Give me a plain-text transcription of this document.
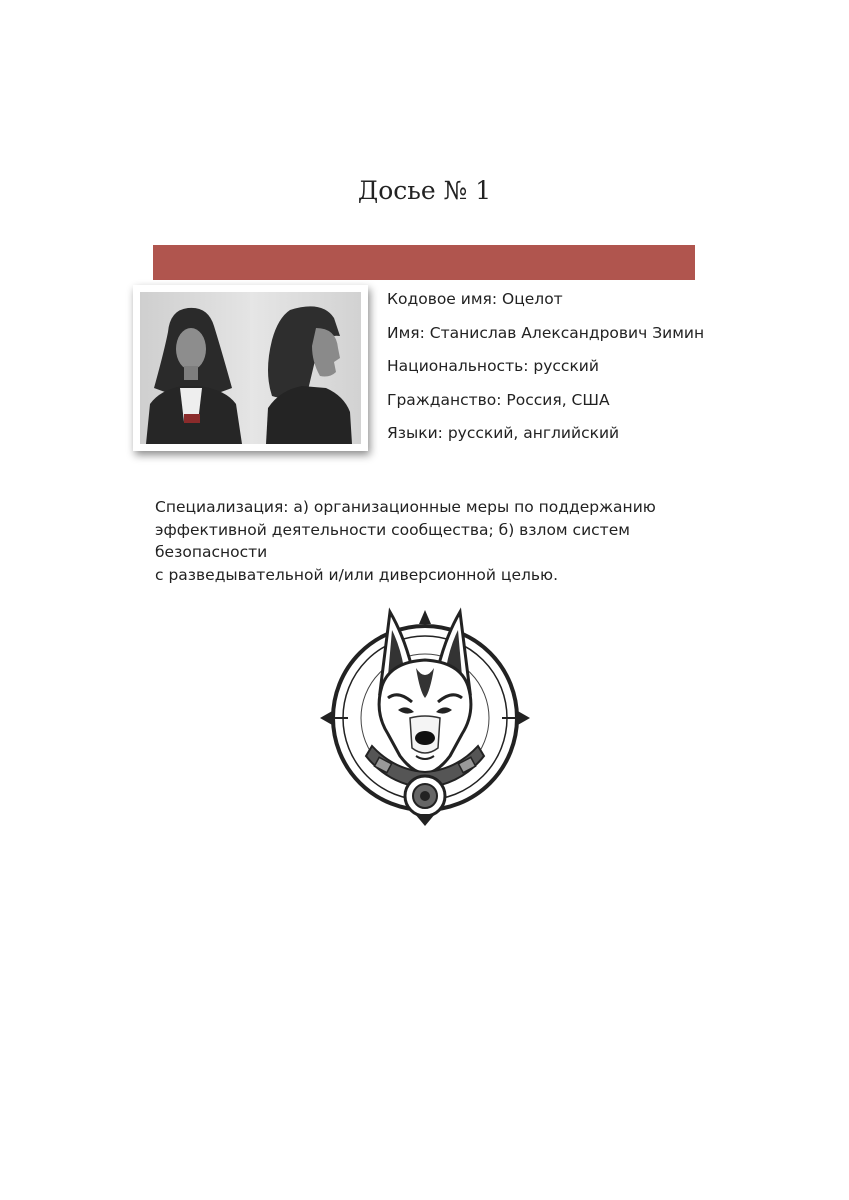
Досье № 1
Кодовое имя: Оцелот
Имя: Станислав Александрович Зимин
Национальность: русский
Гражданство: Россия, США
Языки: русский, английский
Специализация: а) организационные меры по поддержанию
эффективной деятельности сообщества; б) взлом систем безопасности
с разведывательной и/или диверсионной целью.
